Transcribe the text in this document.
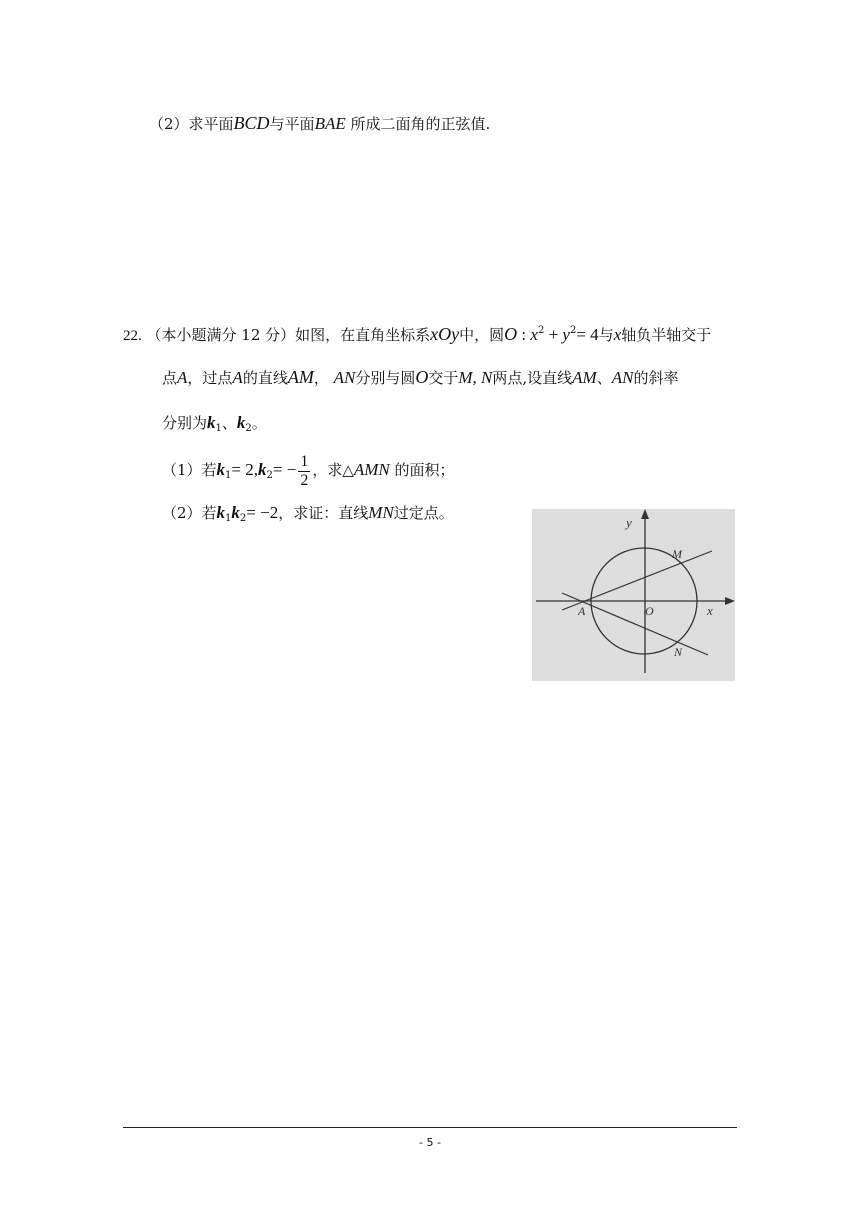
（2）求平面BCD与平面BAE 所成二面角的正弦值.
22. （本小题满分 12 分）如图，在直角坐标系xOy中，圆O : $x^2 + y^2= 4$与x轴负半轴交于
点A，过点A的直线AM， AN分别与圆O交于M, N两点,设直线AM、AN的斜率
分别为$k_1$、$k_2$。
（1）若$k_1= 2,k_2= - \frac{1}{2}$ ，求△AMN 的面积；
（2）若$k_1k_2= -2$，求证：直线MN过定点。
y
x
M
N
A	O
- 5 -
